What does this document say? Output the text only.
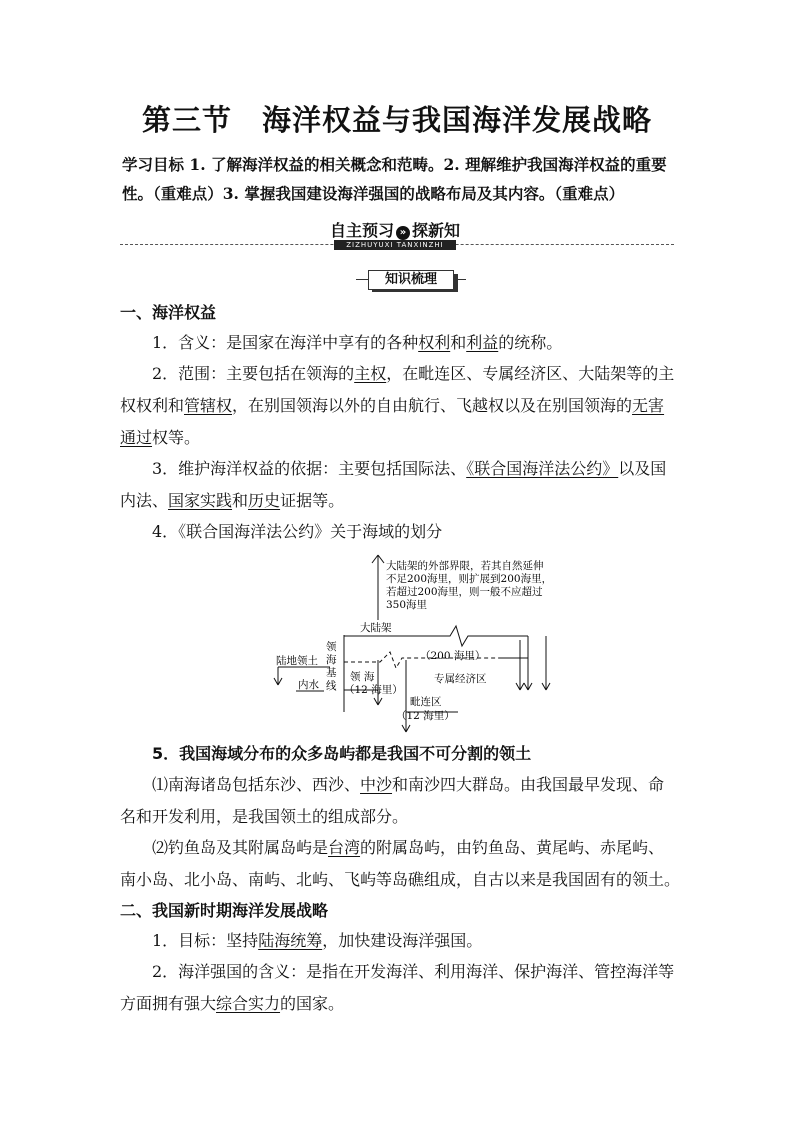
第三节　海洋权益与我国海洋发展战略
学习目标 1. 了解海洋权益的相关概念和范畴。2. 理解维护我国海洋权益的重要性。（重难点）3. 掌握我国建设海洋强国的战略布局及其内容。（重难点）
自主预习 » 探新知
ZIZHUYUXI TANXINZHI
知识梳理
一、海洋权益
1．含义：是国家在海洋中享有的各种权利和利益的统称。
2．范围：主要包括在领海的主权，在毗连区、专属经济区、大陆架等的主权权利和管辖权，在别国领海以外的自由航行、飞越权以及在别国领海的无害通过权等。
3．维护海洋权益的依据：主要包括国际法、《联合国海洋法公约》以及国内法、国家实践和历史证据等。
4．《联合国海洋法公约》关于海域的划分
大陆架的外部界限，若其自然延伸
不足200海里，则扩展到200海里，
若超过200海里，则一般不应超过
350海里
大陆架
陆地领土
领
海
基
线
内水
领 海
（12 海里）
（200 海里）
专属经济区
毗连区
（12 海里）
5．我国海域分布的众多岛屿都是我国不可分割的领土
⑴南海诸岛包括东沙、西沙、中沙和南沙四大群岛。由我国最早发现、命名和开发利用，是我国领土的组成部分。
⑵钓鱼岛及其附属岛屿是台湾的附属岛屿，由钓鱼岛、黄尾屿、赤尾屿、南小岛、北小岛、南屿、北屿、飞屿等岛礁组成，自古以来是我国固有的领土。
二、我国新时期海洋发展战略
1．目标：坚持陆海统筹，加快建设海洋强国。
2．海洋强国的含义：是指在开发海洋、利用海洋、保护海洋、管控海洋等方面拥有强大综合实力的国家。
